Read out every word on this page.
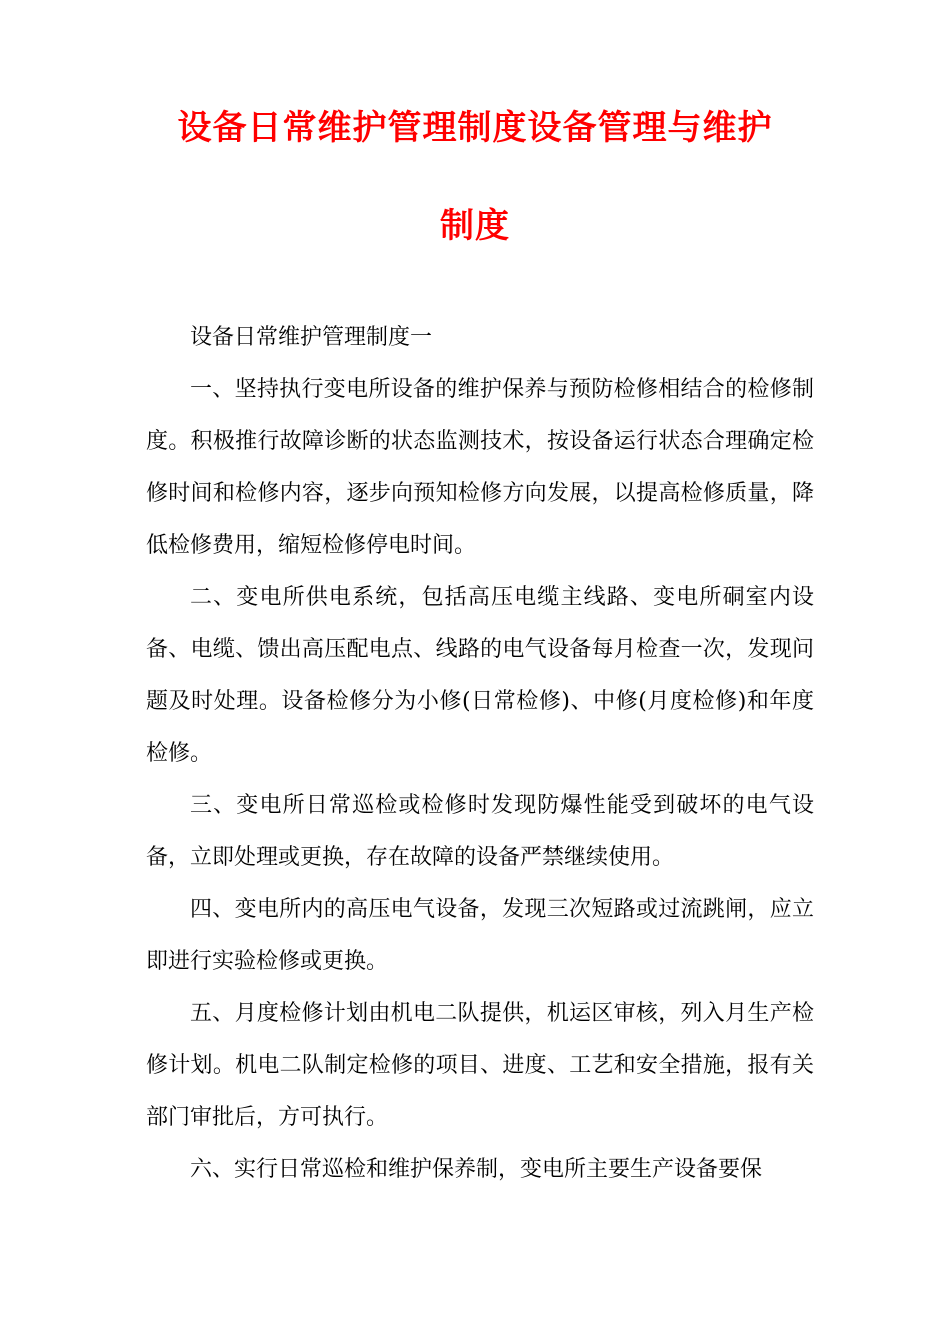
设备日常维护管理制度设备管理与维护
制度

设备日常维护管理制度一

一、坚持执行变电所设备的维护保养与预防检修相结合的检修制度。积极推行故障诊断的状态监测技术，按设备运行状态合理确定检修时间和检修内容，逐步向预知检修方向发展，以提高检修质量，降低检修费用，缩短检修停电时间。

二、变电所供电系统，包括高压电缆主线路、变电所硐室内设备、电缆、馈出高压配电点、线路的电气设备每月检查一次，发现问题及时处理。设备检修分为小修(日常检修)、中修(月度检修)和年度检修。

三、变电所日常巡检或检修时发现防爆性能受到破坏的电气设备，立即处理或更换，存在故障的设备严禁继续使用。

四、变电所内的高压电气设备，发现三次短路或过流跳闸，应立即进行实验检修或更换。

五、月度检修计划由机电二队提供，机运区审核，列入月生产检修计划。机电二队制定检修的项目、进度、工艺和安全措施，报有关部门审批后，方可执行。

六、实行日常巡检和维护保养制，变电所主要生产设备要保
